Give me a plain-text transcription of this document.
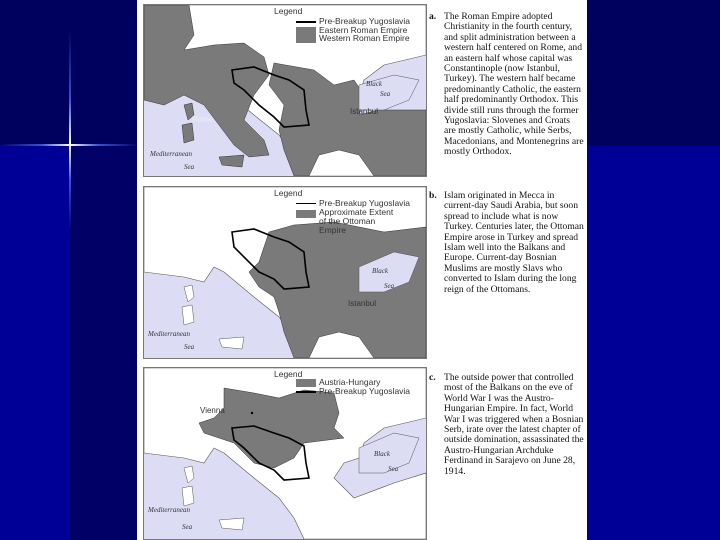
Legend
Pre-Breakup Yugoslavia
Eastern Roman Empire
Western Roman Empire
Rome
Istanbul
Black
Sea
Mediterranean
Sea
a. The Roman Empire adopted Christianity in the fourth century, and split administration between a western half centered on Rome, and an eastern half whose capital was Constantinople (now Istanbul, Turkey). The western half became predominantly Catholic, the eastern half predominantly Orthodox. This divide still runs through the former Yugoslavia: Slovenes and Croats are mostly Catholic, while Serbs, Macedonians, and Montenegrins are mostly Orthodox.
Legend
Pre-Breakup Yugoslavia
Approximate Extent of the Ottoman Empire
Istanbul
Black
Sea
Mediterranean
Sea
b. Islam originated in Mecca in current-day Saudi Arabia, but soon spread to include what is now Turkey. Centuries later, the Ottoman Empire arose in Turkey and spread Islam well into the Balkans and Europe. Current-day Bosnian Muslims are mostly Slavs who converted to Islam during the long reign of the Ottomans.
Legend
Austria-Hungary
Pre-Breakup Yugoslavia
Vienna
Black
Sea
Mediterranean
Sea
c. The outside power that controlled most of the Balkans on the eve of World War I was the Austro-Hungarian Empire. In fact, World War I was triggered when a Bosnian Serb, irate over the latest chapter of outside domination, assassinated the Austro-Hungarian Archduke Ferdinand in Sarajevo on June 28, 1914.
